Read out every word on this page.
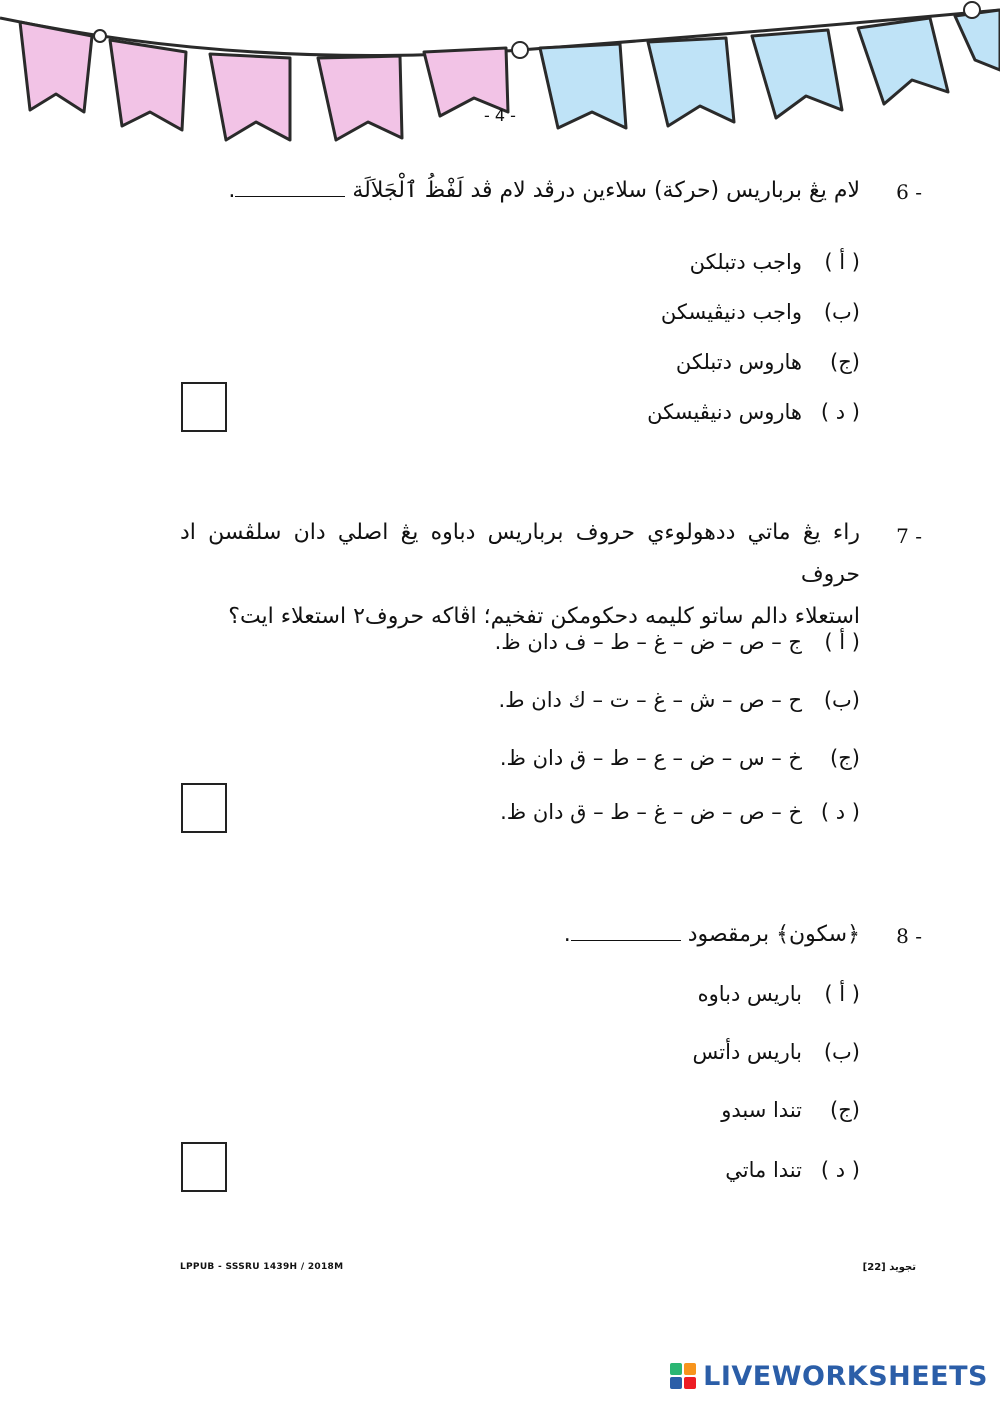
- 4 -
6 -
لام يڠ برباريس (حركة) سلاءين درڤد لام ڤد لَفْظُ ٱلْجَلاَلَة .
( أ )
واجب دتبلكن
(ب)
واجب دنيڤيسكن
(ج)
هاروس دتبلكن
( د )
هاروس دنيڤيسكن
7 -
راء يڠ ماتي ددهولوءي حروف برباريس دباوه يڠ اصلي دان سلڤسن اد حروف
استعلاء دالم ساتو كليمه دحكومكن تفخيم؛ اڤاكه حروف٢ استعلاء ايت؟
( أ )
ج – ص – ض – غ – ط – ف دان ظ.
(ب)
ح – ص – ش – غ – ت – ك دان ط.
(ج)
خ – س – ض – ع – ط – ق دان ظ.
( د )
خ – ص – ض – غ – ط – ق دان ظ.
8 -
﴿سكون﴾ برمقصود .
( أ )
باريس دباوه
(ب)
باريس دأتس
(ج)
تندا سبدو
( د )
تندا ماتي
LPPUB - SSSRU 1439H / 2018M	تجويد [22]
LIVEWORKSHEETS
